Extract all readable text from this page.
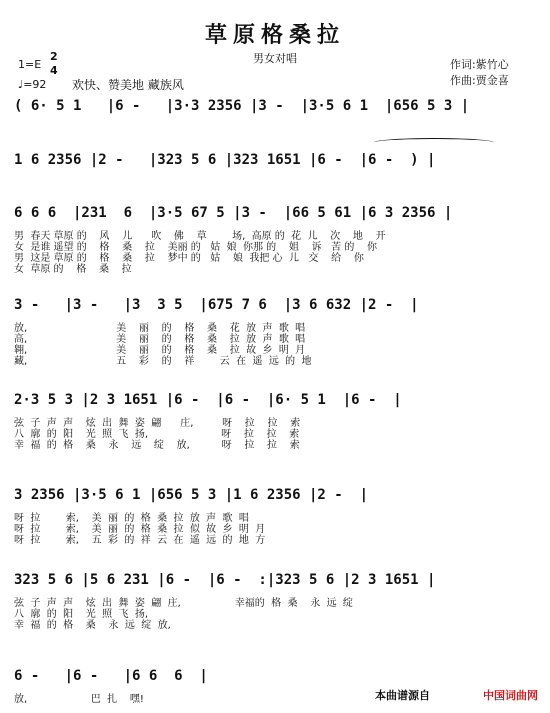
草原格桑拉
男女对唱
1=E
2
4
♩=92 欢快、赞美地 藏族风
作词:紫竹心
作曲:贾金喜
( 6· 5 1   |6 -   |3·3 2356 |3 -  |3·5 6 1  |656 5 3 |
1 6 2356 |2 -   |323 5 6 |323 1651 |6 -  |6 -  ) |
6 6 6  |231  6  |3·5 67 5 |3 -  |66 5 61 |6 3 2356 |
男  春天 草原 的    风    儿      吹    佛    草        场,  高原 的  花  儿    次    地    开
女  是谁 遥望 的    格    桑    拉    美丽 的   姑  娘  你那 的    姐    诉   苦 的    你
男  这是 草原 的    格    桑    拉    梦中 的   姑    娘  我把 心  儿   交    给    你
女  草原 的    格    桑    拉
3 -   |3 -   |3  3 5  |675 7 6  |3 6 632 |2 -  |
放,                            美    丽    的    格    桑    花  放  声  歌  唱
高,                            美    丽    的    格    桑    拉  放  声  歌  唱
翱,                            美    丽    的    格    桑    拉  故  乡  明  月
藏,                            五    彩    的    祥        云  在  遥  远  的  地
2·3 5 3 |2 3 1651 |6 -  |6 -  |6· 5 1  |6 -  |
弦  子  声  声    炫  出  舞  姿  翩      庄,         呀    拉    拉    索
八  廓  的  阳    光  照  飞  扬,                       呀    拉    拉    索
幸  福  的  格    桑    永    远    绽    放,          呀    拉    拉    索
3 2356 |3·5 6 1 |656 5 3 |1 6 2356 |2 -  |
呀  拉        索,    美  丽  的  格  桑  拉  放  声  歌  唱
呀  拉        索,    美  丽  的  格  桑  拉  似  故  乡  明  月
呀  拉        索,    五  彩  的  祥  云  在  遥  远  的  地  方
323 5 6 |5 6 231 |6 -  |6 -  :|323 5 6 |2 3 1651 |
弦  子  声  声    炫  出  舞  姿  翩  庄,                 幸福的  格  桑    永  远  绽
八  廓  的  阳    光  照  飞  扬,
幸  福  的  格    桑    永  远  绽  放,
6 -   |6 -   |6 6  6  |
放,                    巴  扎    嘿!	本曲谱源自	中国词曲网
